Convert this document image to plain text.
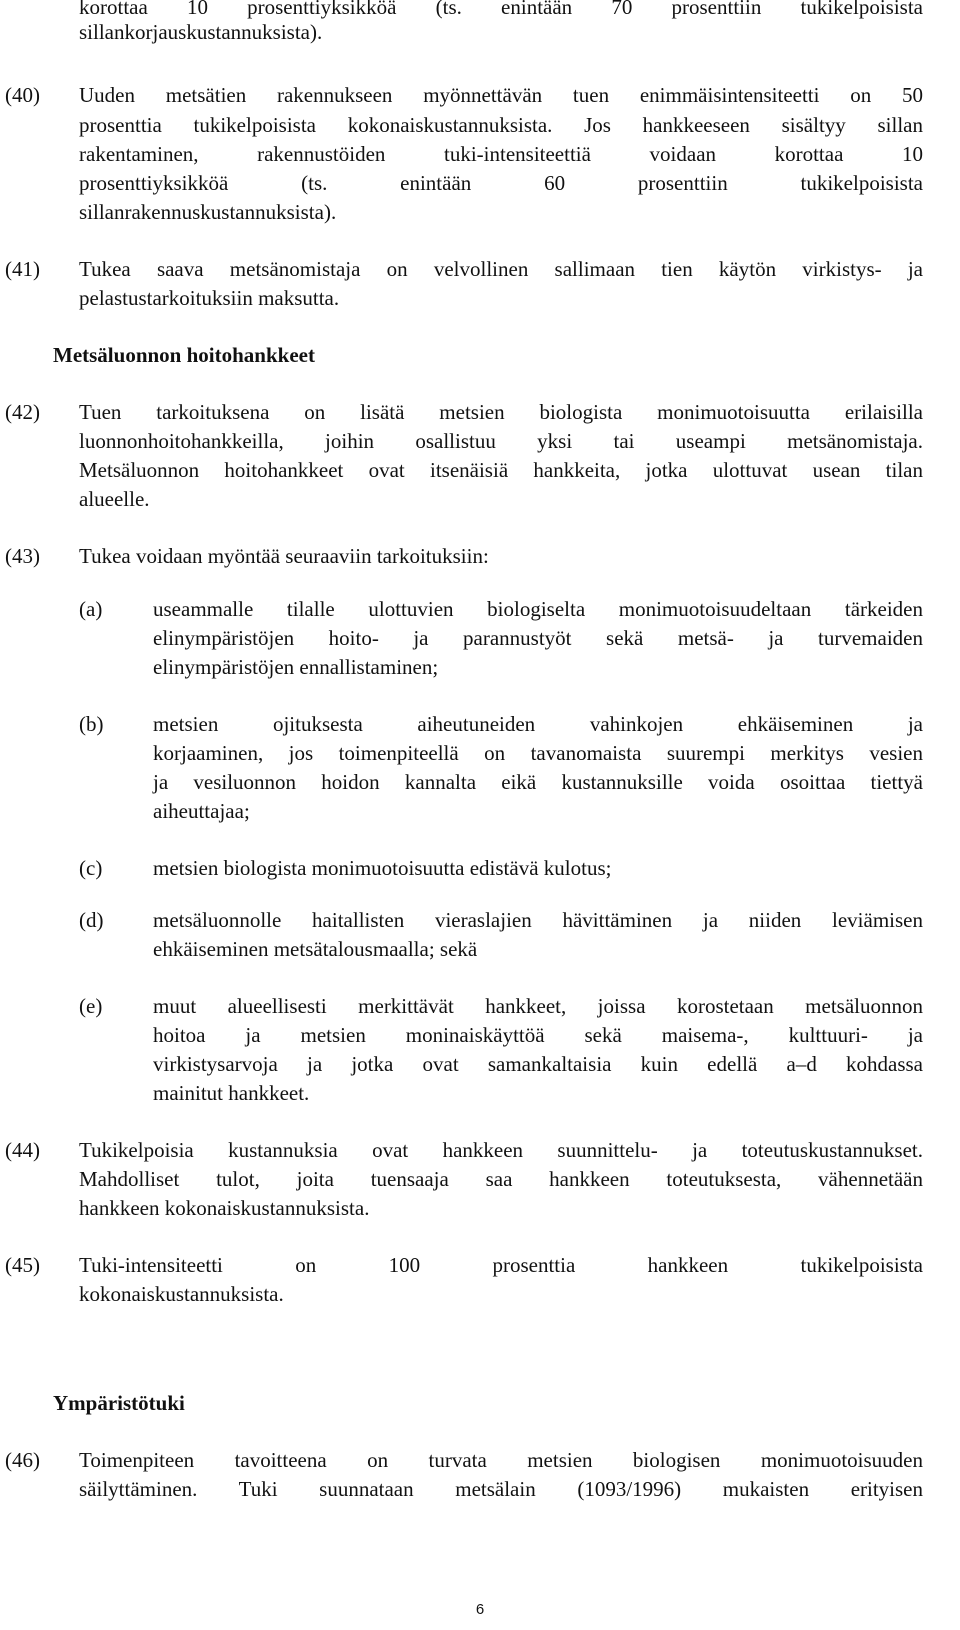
korottaa 10 prosenttiyksikköä (ts. enintään 70 prosenttiin tukikelpoisista
sillankorjauskustannuksista).
(40) Uuden metsätien rakennukseen myönnettävän tuen enimmäisintensiteetti on 50
prosenttia tukikelpoisista kokonaiskustannuksista. Jos hankkeeseen sisältyy sillan
rakentaminen, rakennustöiden tuki-intensiteettiä voidaan korottaa 10
prosenttiyksikköä (ts. enintään 60 prosenttiin tukikelpoisista
sillanrakennuskustannuksista).
(41) Tukea saava metsänomistaja on velvollinen sallimaan tien käytön virkistys- ja
pelastustarkoituksiin maksutta.
Metsäluonnon hoitohankkeet
(42) Tuen tarkoituksena on lisätä metsien biologista monimuotoisuutta erilaisilla
luonnonhoitohankkeilla, joihin osallistuu yksi tai useampi metsänomistaja.
Metsäluonnon hoitohankkeet ovat itsenäisiä hankkeita, jotka ulottuvat usean tilan
alueelle.
(43) Tukea voidaan myöntää seuraaviin tarkoituksiin:
(a) useammalle tilalle ulottuvien biologiselta monimuotoisuudeltaan tärkeiden
elinympäristöjen hoito- ja parannustyöt sekä metsä- ja turvemaiden
elinympäristöjen ennallistaminen;
(b) metsien ojituksesta aiheutuneiden vahinkojen ehkäiseminen ja
korjaaminen, jos toimenpiteellä on tavanomaista suurempi merkitys vesien
ja vesiluonnon hoidon kannalta eikä kustannuksille voida osoittaa tiettyä
aiheuttajaa;
(c) metsien biologista monimuotoisuutta edistävä kulotus;
(d) metsäluonnolle haitallisten vieraslajien hävittäminen ja niiden leviämisen
ehkäiseminen metsätalousmaalla; sekä
(e) muut alueellisesti merkittävät hankkeet, joissa korostetaan metsäluonnon
hoitoa ja metsien moninaiskäyttöä sekä maisema-, kulttuuri- ja
virkistysarvoja ja jotka ovat samankaltaisia kuin edellä a–d kohdassa
mainitut hankkeet.
(44) Tukikelpoisia kustannuksia ovat hankkeen suunnittelu- ja toteutuskustannukset.
Mahdolliset tulot, joita tuensaaja saa hankkeen toteutuksesta, vähennetään
hankkeen kokonaiskustannuksista.
(45) Tuki-intensiteetti on 100 prosenttia hankkeen tukikelpoisista
kokonaiskustannuksista.
Ympäristötuki
(46) Toimenpiteen tavoitteena on turvata metsien biologisen monimuotoisuuden
säilyttäminen. Tuki suunnataan metsälain (1093/1996) mukaisten erityisen
6
